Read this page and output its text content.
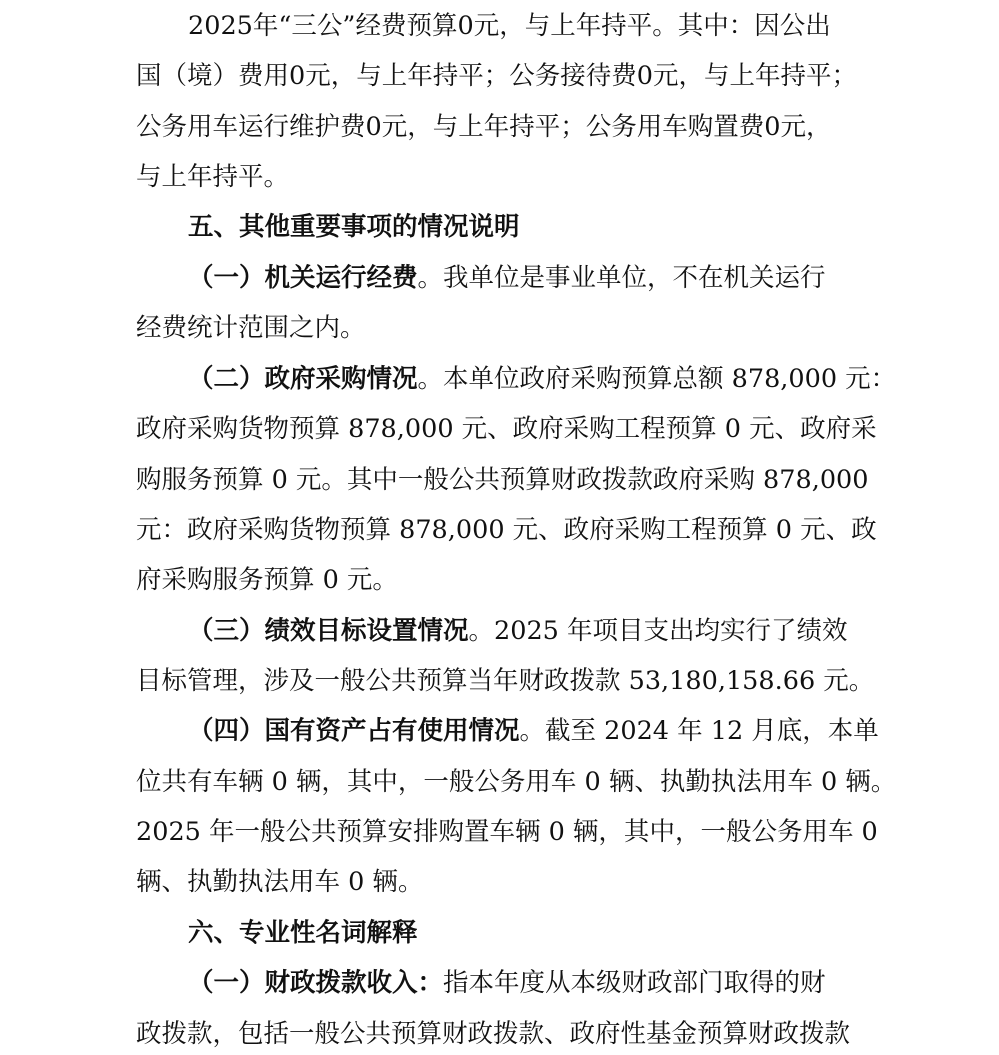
2025年“三公”经费预算0元，与上年持平。其中：因公出
国（境）费用0元，与上年持平；公务接待费0元，与上年持平；
公务用车运行维护费0元，与上年持平；公务用车购置费0元，
与上年持平。
五、其他重要事项的情况说明
（一）机关运行经费。我单位是事业单位，不在机关运行
经费统计范围之内。
（二）政府采购情况。本单位政府采购预算总额 878,000 元：
政府采购货物预算 878,000 元、政府采购工程预算 0 元、政府采
购服务预算 0 元。其中一般公共预算财政拨款政府采购 878,000
元：政府采购货物预算 878,000 元、政府采购工程预算 0 元、政
府采购服务预算 0 元。
（三）绩效目标设置情况。2025 年项目支出均实行了绩效
目标管理，涉及一般公共预算当年财政拨款 53,180,158.66 元。
（四）国有资产占有使用情况。截至 2024 年 12 月底，本单
位共有车辆 0 辆，其中，一般公务用车 0 辆、执勤执法用车 0 辆。
2025 年一般公共预算安排购置车辆 0 辆，其中，一般公务用车 0
辆、执勤执法用车 0 辆。
六、专业性名词解释
（一）财政拨款收入：指本年度从本级财政部门取得的财
政拨款，包括一般公共预算财政拨款、政府性基金预算财政拨款
